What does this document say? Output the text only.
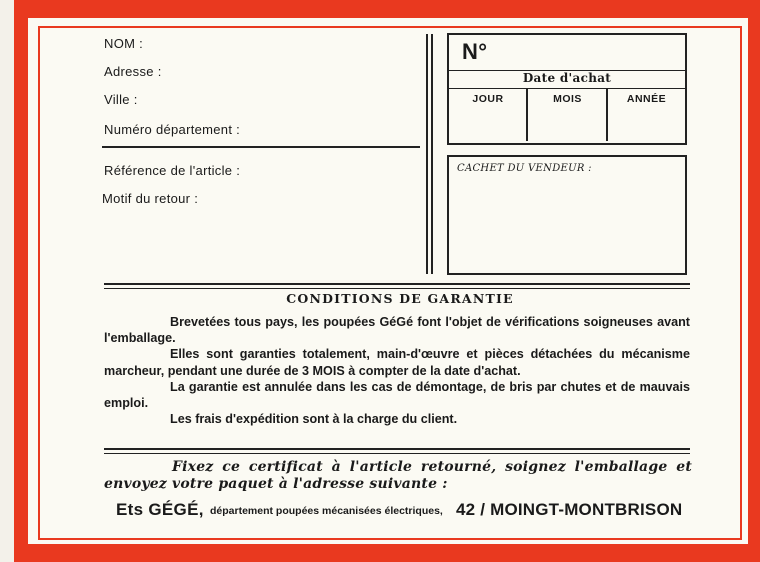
NOM :
Adresse :
Ville :
Numéro département :
Référence de l'article :
Motif du retour :
N°
Date d'achat
JOUR	MOIS	ANNÉE
CACHET DU VENDEUR :
CONDITIONS DE GARANTIE

Brevetées tous pays, les poupées GéGé font l'objet de vérifications soigneuses avant l'emballage.

Elles sont garanties totalement, main-d'œuvre et pièces détachées du mécanisme marcheur, pendant une durée de 3 MOIS à compter de la date d'achat.

La garantie est annulée dans les cas de démontage, de bris par chutes et de mauvais emploi.

Les frais d'expédition sont à la charge du client.

Fixez ce certificat à l'article retourné, soignez l'emballage et envoyez votre paquet à l'adresse suivante :
Ets GÉGÉ, département poupées mécanisées électriques, 42 / MOINGT-MONTBRISON
